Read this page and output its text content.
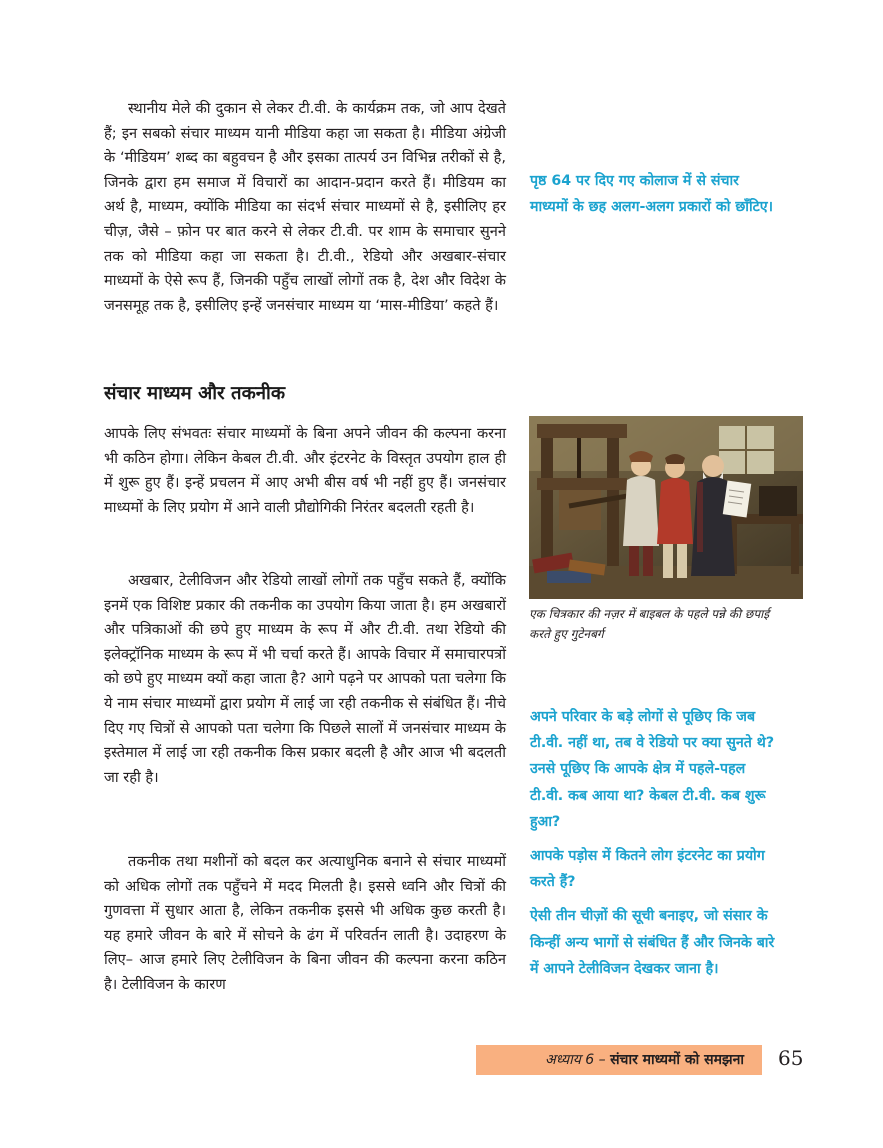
स्थानीय मेले की दुकान से लेकर टी.वी. के कार्यक्रम तक, जो आप देखते हैं; इन सबको संचार माध्यम यानी मीडिया कहा जा सकता है। मीडिया अंग्रेजी के ‘मीडियम’ शब्द का बहुवचन है और इसका तात्पर्य उन विभिन्न तरीकों से है, जिनके द्वारा हम समाज में विचारों का आदान-प्रदान करते हैं। मीडियम का अर्थ है, माध्यम, क्योंकि मीडिया का संदर्भ संचार माध्यमों से है, इसीलिए हर चीज़, जैसे – फ़ोन पर बात करने से लेकर टी.वी. पर शाम के समाचार सुनने तक को मीडिया कहा जा सकता है। टी.वी., रेडियो और अखबार-संचार माध्यमों के ऐसे रूप हैं, जिनकी पहुँच लाखों लोगों तक है, देश और विदेश के जनसमूह तक है, इसीलिए इन्हें जनसंचार माध्यम या ‘मास-मीडिया’ कहते हैं।

संचार माध्यम और तकनीक

आपके लिए संभवतः संचार माध्यमों के बिना अपने जीवन की कल्पना करना भी कठिन होगा। लेकिन केबल टी.वी. और इंटरनेट के विस्तृत उपयोग हाल ही में शुरू हुए हैं। इन्हें प्रचलन में आए अभी बीस वर्ष भी नहीं हुए हैं। जनसंचार माध्यमों के लिए प्रयोग में आने वाली प्रौद्योगिकी निरंतर बदलती रहती है।

अखबार, टेलीविजन और रेडियो लाखों लोगों तक पहुँच सकते हैं, क्योंकि इनमें एक विशिष्ट प्रकार की तकनीक का उपयोग किया जाता है। हम अखबारों और पत्रिकाओं की छपे हुए माध्यम के रूप में और टी.वी. तथा रेडियो की इलेक्ट्रॉनिक माध्यम के रूप में भी चर्चा करते हैं। आपके विचार में समाचारपत्रों को छपे हुए माध्यम क्यों कहा जाता है? आगे पढ़ने पर आपको पता चलेगा कि ये नाम संचार माध्यमों द्वारा प्रयोग में लाई जा रही तकनीक से संबंधित हैं। नीचे दिए गए चित्रों से आपको पता चलेगा कि पिछले सालों में जनसंचार माध्यम के इस्तेमाल में लाई जा रही तकनीक किस प्रकार बदली है और आज भी बदलती जा रही है।

तकनीक तथा मशीनों को बदल कर अत्याधुनिक बनाने से संचार माध्यमों को अधिक लोगों तक पहुँचने में मदद मिलती है। इससे ध्वनि और चित्रों की गुणवत्ता में सुधार आता है, लेकिन तकनीक इससे भी अधिक कुछ करती है। यह हमारे जीवन के बारे में सोचने के ढंग में परिवर्तन लाती है। उदाहरण के लिए– आज हमारे लिए टेलीविजन के बिना जीवन की कल्पना करना कठिन है। टेलीविजन के कारण

पृष्ठ 64 पर दिए गए कोलाज में से संचार माध्यमों के छह अलग-अलग प्रकारों को छाँटिए।

एक चित्रकार की नज़र में बाइबल के पहले पन्ने की छपाई करते हुए गुटेनबर्ग

अपने परिवार के बड़े लोगों से पूछिए कि जब टी.वी. नहीं था, तब वे रेडियो पर क्या सुनते थे? उनसे पूछिए कि आपके क्षेत्र में पहले-पहल टी.वी. कब आया था? केबल टी.वी. कब शुरू हुआ?

आपके पड़ोस में कितने लोग इंटरनेट का प्रयोग करते हैं?

ऐसी तीन चीज़ों की सूची बनाइए, जो संसार के किन्हीं अन्य भागों से संबंधित हैं और जिनके बारे में आपने टेलीविजन देखकर जाना है।

अध्याय 6 – संचार माध्यमों को समझना 65
